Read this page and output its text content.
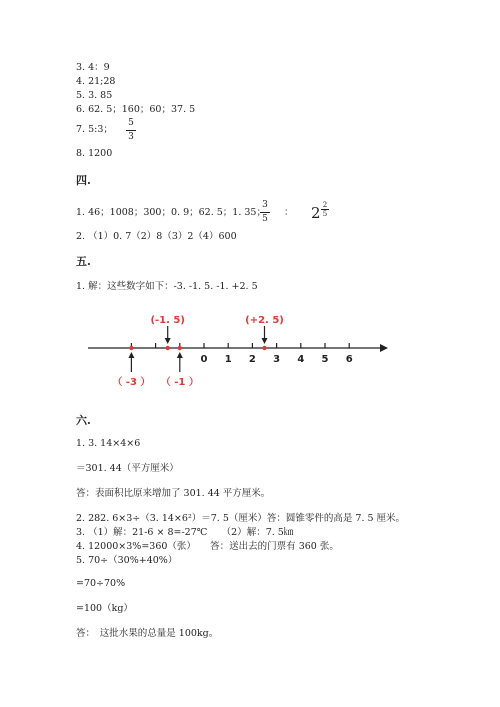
3. 4：9
4. 21;28
5. 3. 85
6. 62. 5；160；60；37. 5
7. 5:3；
5
3
8. 1200
四.
1. 46；1008；300；0. 9；62. 5；1. 35；
3
5
： 2 2
5
2. （1）0. 7（2）8（3）2（4）600
五.
1. 解：这些数字如下：-3. -1. 5. -1. +2. 5
0 1 2 3 4 5 6
（ -3 ）
(-1. 5)
（ -1 ）
(+2. 5)
六.
1. 3. 14×4×6
＝301. 44（平方厘米）
答：表面积比原来增加了 301. 44 平方厘米。
2. 282. 6×3÷（3. 14×6²）＝7. 5（厘米）答：圆锥零件的高是 7. 5 厘米。
3. （1）解：21-6 × 8=-27℃　　（2）解：7. 5㎞
4. 12000×3%=360（张）　　答：送出去的门票有 360 张。
5. 70÷（30%+40%）
=70÷70%
=100（kg）
答：　这批水果的总量是 100kg。
